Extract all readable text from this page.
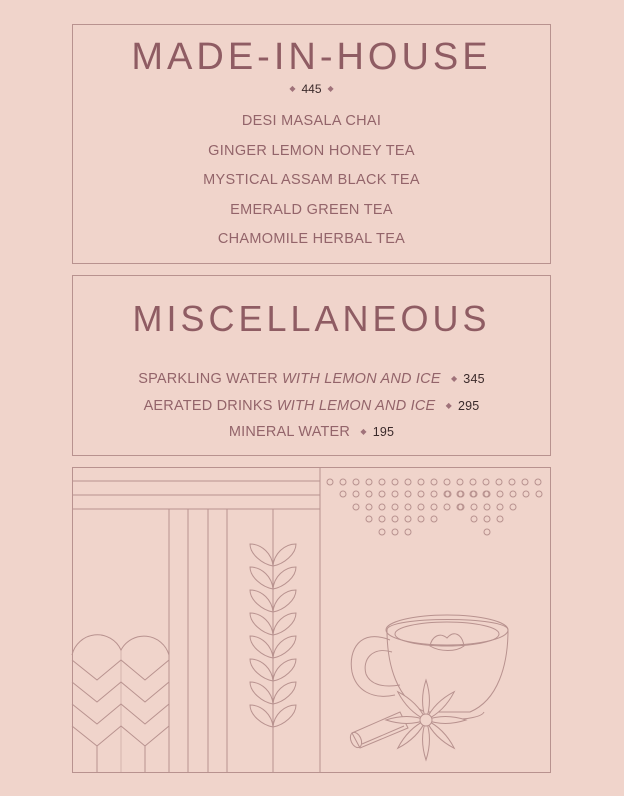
MADE-IN-HOUSE
◆ 445 ◆
DESI MASALA CHAI
GINGER LEMON HONEY TEA
MYSTICAL ASSAM BLACK TEA
EMERALD GREEN TEA
CHAMOMILE HERBAL TEA
MISCELLANEOUS
SPARKLING WATER WITH LEMON AND ICE ◆ 345
AERATED DRINKS WITH LEMON AND ICE ◆ 295
MINERAL WATER ◆ 195
